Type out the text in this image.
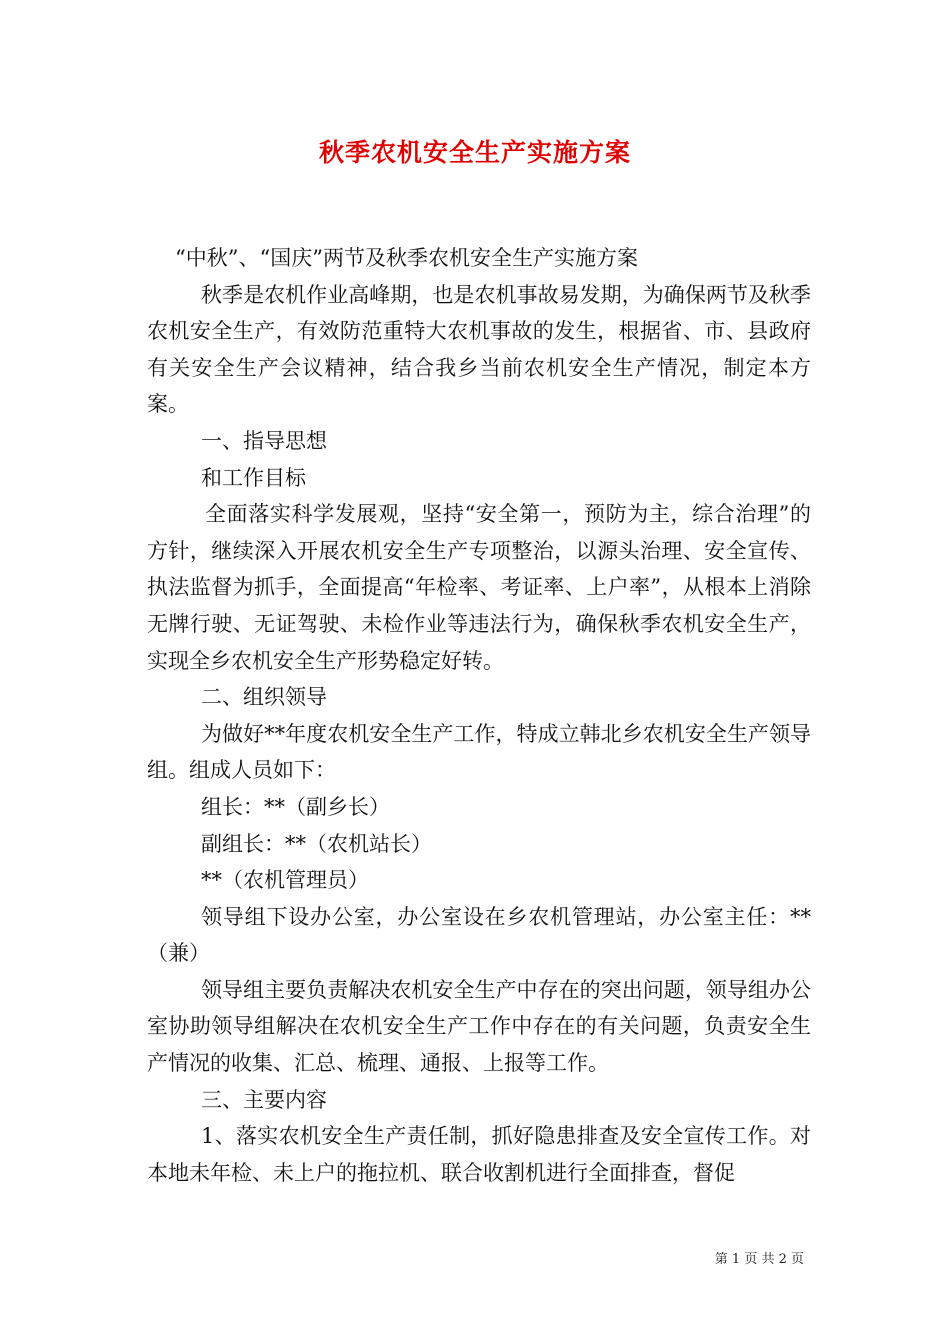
秋季农机安全生产实施方案

“中秋”、“国庆”两节及秋季农机安全生产实施方案

秋季是农机作业高峰期，也是农机事故易发期，为确保两节及秋季农机安全生产，有效防范重特大农机事故的发生，根据省、市、县政府有关安全生产会议精神，结合我乡当前农机安全生产情况，制定本方案。

一、指导思想

和工作目标

全面落实科学发展观，坚持“安全第一，预防为主，综合治理”的方针，继续深入开展农机安全生产专项整治，以源头治理、安全宣传、执法监督为抓手，全面提高“年检率、考证率、上户率”，从根本上消除无牌行驶、无证驾驶、未检作业等违法行为，确保秋季农机安全生产，实现全乡农机安全生产形势稳定好转。

二、组织领导

为做好**年度农机安全生产工作，特成立韩北乡农机安全生产领导组。组成人员如下：

组长：**（副乡长）

副组长：**（农机站长）

**（农机管理员）

领导组下设办公室，办公室设在乡农机管理站，办公室主任：**（兼）

领导组主要负责解决农机安全生产中存在的突出问题，领导组办公室协助领导组解决在农机安全生产工作中存在的有关问题，负责安全生产情况的收集、汇总、梳理、通报、上报等工作。

三、主要内容

1、落实农机安全生产责任制，抓好隐患排查及安全宣传工作。对本地未年检、未上户的拖拉机、联合收割机进行全面排查，督促

第 1 页 共 2 页
